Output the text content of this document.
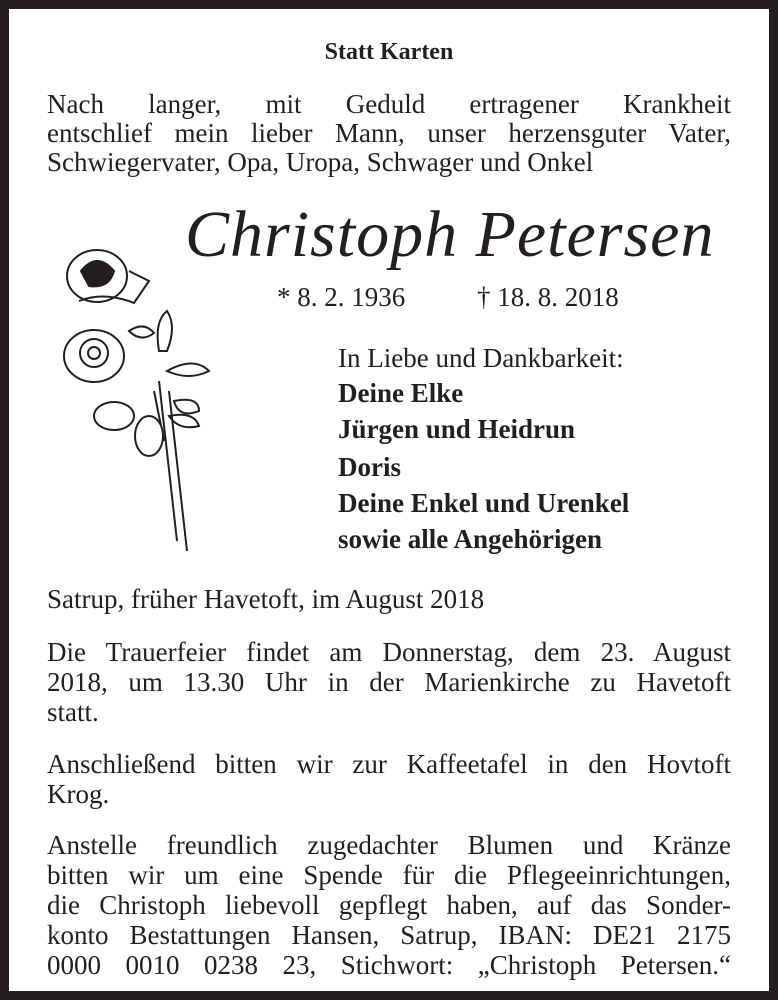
Statt Karten
Nach langer, mit Geduld ertragener Krankheit
entschlief mein lieber Mann, unser herzensguter Vater,
Schwiegervater, Opa, Uropa, Schwager und Onkel
Christoph Petersen
* 8. 2. 1936	† 18. 8. 2018
In Liebe und Dankbarkeit:
Deine Elke
Jürgen und Heidrun
Doris
Deine Enkel und Urenkel
sowie alle Angehörigen
Satrup, früher Havetoft, im August 2018
Die Trauerfeier findet am Donnerstag, dem 23. August
2018, um 13.30 Uhr in der Marienkirche zu Havetoft
statt.
Anschließend bitten wir zur Kaffeetafel in den Hovtoft
Krog.
Anstelle freundlich zugedachter Blumen und Kränze
bitten wir um eine Spende für die Pflegeeinrichtungen,
die Christoph liebevoll gepflegt haben, auf das Sonder-
konto Bestattungen Hansen, Satrup, IBAN: DE21 2175
0000 0010 0238 23, Stichwort: „Christoph Petersen.“
